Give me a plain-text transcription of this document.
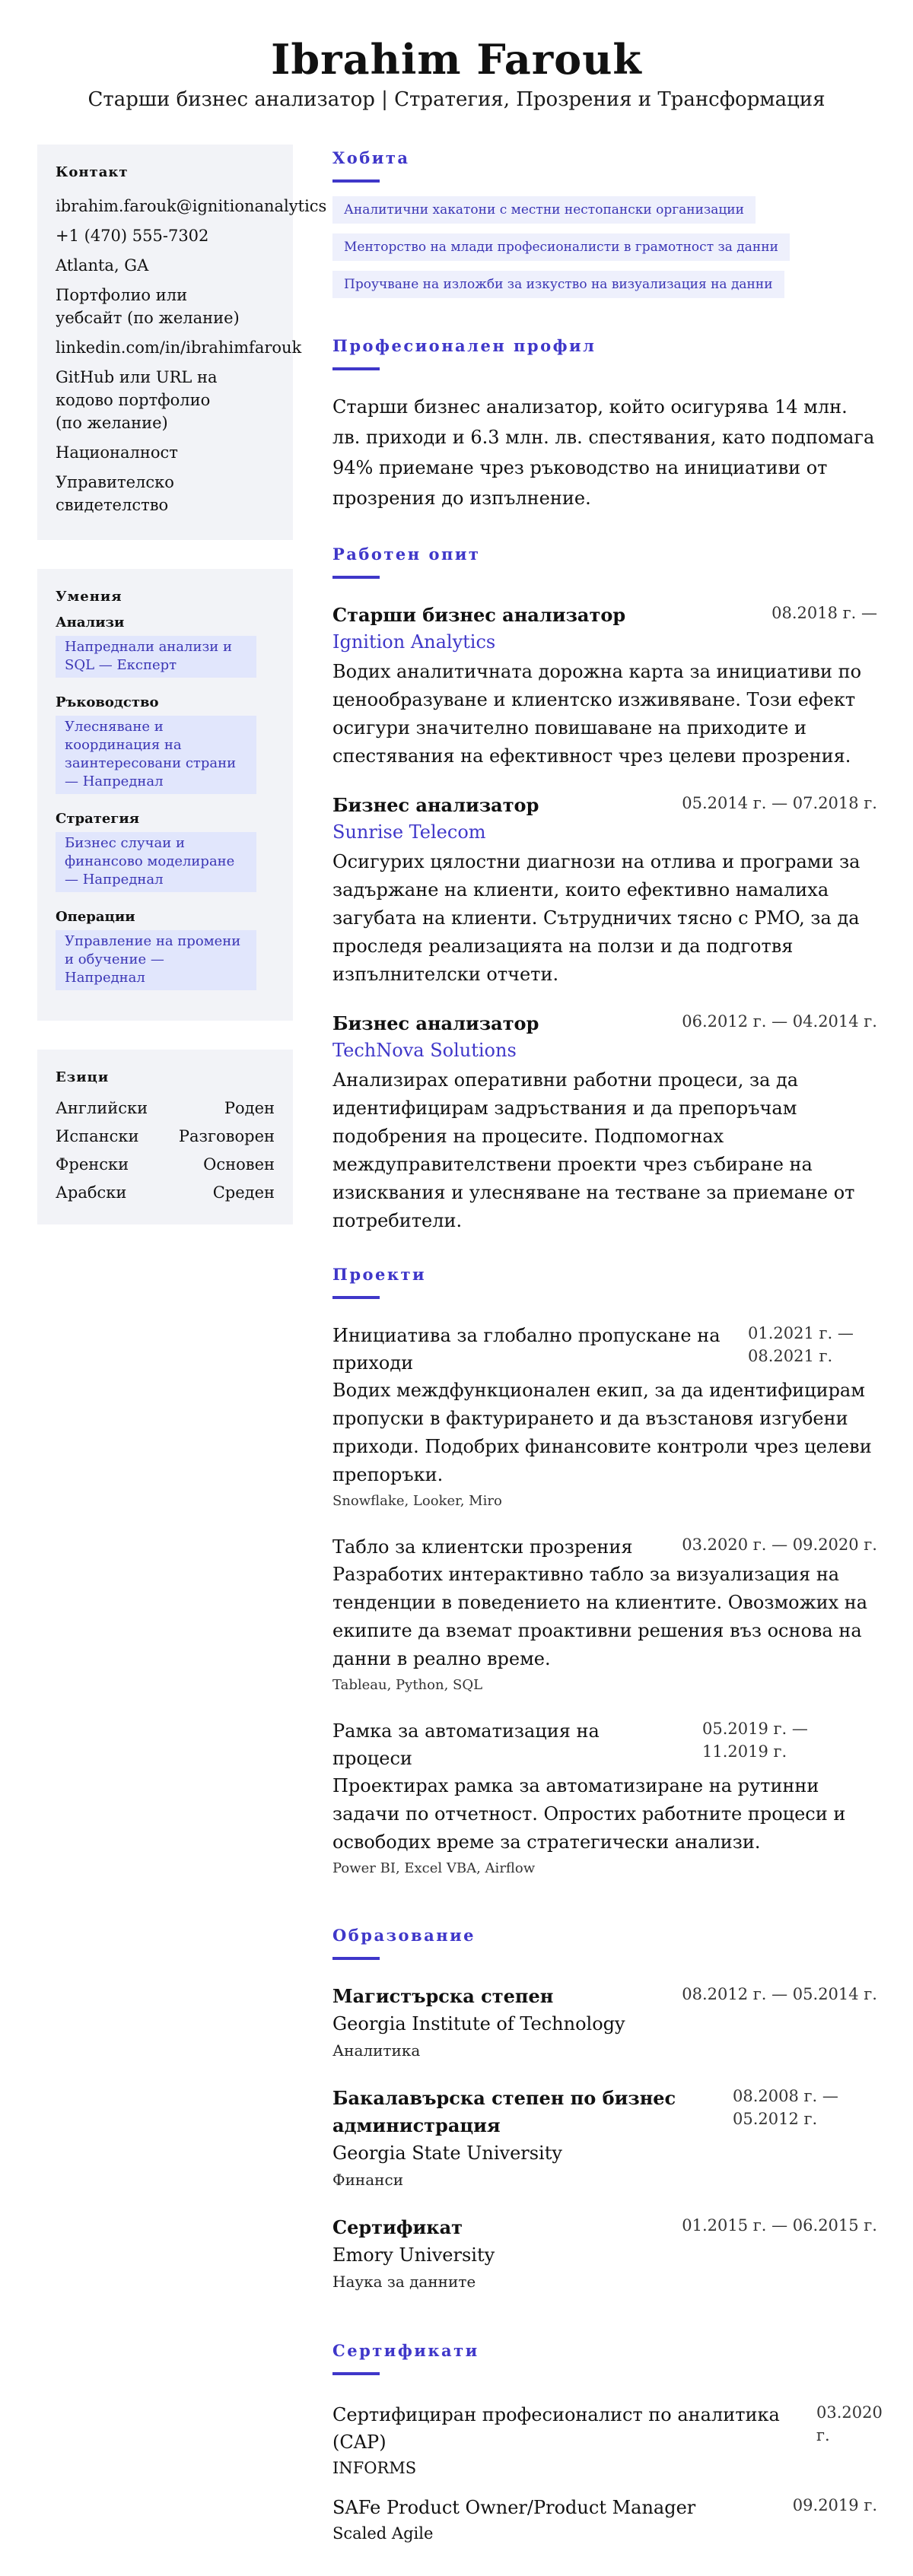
Ibrahim Farouk
Старши бизнес анализатор | Стратегия, Прозрения и Трансформация
Контакт
ibrahim.farouk@ignitionanalytics
+1 (470) 555-7302
Atlanta, GA
Портфолио или уебсайт (по желание)
linkedin.com/in/ibrahimfarouk
GitHub или URL на кодово портфолио (по желание)
Националност
Управителско свидетелство
Умения
Анализи
Напреднали анализи и SQL — Експерт
Ръководство
Улесняване и координация на заинтересовани страни — Напреднал
Стратегия
Бизнес случаи и финансово моделиране — Напреднал
Операции
Управление на промени и обучение — Напреднал
Езици
Английски	Роден
Испански Разговорен
Френски	Основен
Арабски	Среден
Хобита
Аналитични хакатони с местни нестопански организации
Менторство на млади професионалисти в грамотност за данни
Проучване на изложби за изкуство на визуализация на данни
Професионален профил

Старши бизнес анализатор, който осигурява 14 млн. лв. приходи и 6.3 млн. лв. спестявания, като подпомага 94% приемане чрез ръководство на инициативи от прозрения до изпълнение.

Работен опит
Старши бизнес анализатор	08.2018 г. —
Ignition Analytics

Водих аналитичната дорожна карта за инициативи по ценообразуване и клиентско изживяване. Този ефект осигури значително повишаване на приходите и спестявания на ефективност чрез целеви прозрения.

Бизнес анализатор	05.2014 г. — 07.2018 г.
Sunrise Telecom

Осигурих цялостни диагнози на отлива и програми за задържане на клиенти, които ефективно намалиха загубата на клиенти. Сътрудничих тясно с PMO, за да проследя реализацията на ползи и да подготвя изпълнителски отчети.

Бизнес анализатор	06.2012 г. — 04.2014 г.
TechNova Solutions

Анализирах оперативни работни процеси, за да идентифицирам задръствания и да препоръчам подобрения на процесите. Подпомогнах междуправителствени проекти чрез събиране на изисквания и улесняване на тестване за приемане от потребители.

Проекти
Инициатива за глобално пропускане на приходи
01.2021 г. — 08.2021 г.

Водих междфункционален екип, за да идентифицирам пропуски в фактурирането и да възстановя изгубени приходи. Подобрих финансовите контроли чрез целеви препоръки.

Snowflake, Looker, Miro
Табло за клиентски прозрения	03.2020 г. — 09.2020 г.

Разработих интерактивно табло за визуализация на тенденции в поведението на клиентите. Овозможих на екипите да вземат проактивни решения въз основа на данни в реално време.

Tableau, Python, SQL
Рамка за автоматизация на процеси
05.2019 г. — 11.2019 г.

Проектирах рамка за автоматизиране на рутинни задачи по отчетност. Опростих работните процеси и освободих време за стратегически анализи.

Power BI, Excel VBA, Airflow
Образование
Магистърска степен	08.2012 г. — 05.2014 г.
Georgia Institute of Technology
Аналитика
Бакалавърска степен по бизнес администрация
08.2008 г. — 05.2012 г.
Georgia State University
Финанси
Сертификат	01.2015 г. — 06.2015 г.
Emory University
Наука за данните
Сертификати
Сертифициран професионалист по аналитика (CAP)
03.2020 г.
INFORMS
SAFe Product Owner/Product Manager	09.2019 г.
Scaled Agile
